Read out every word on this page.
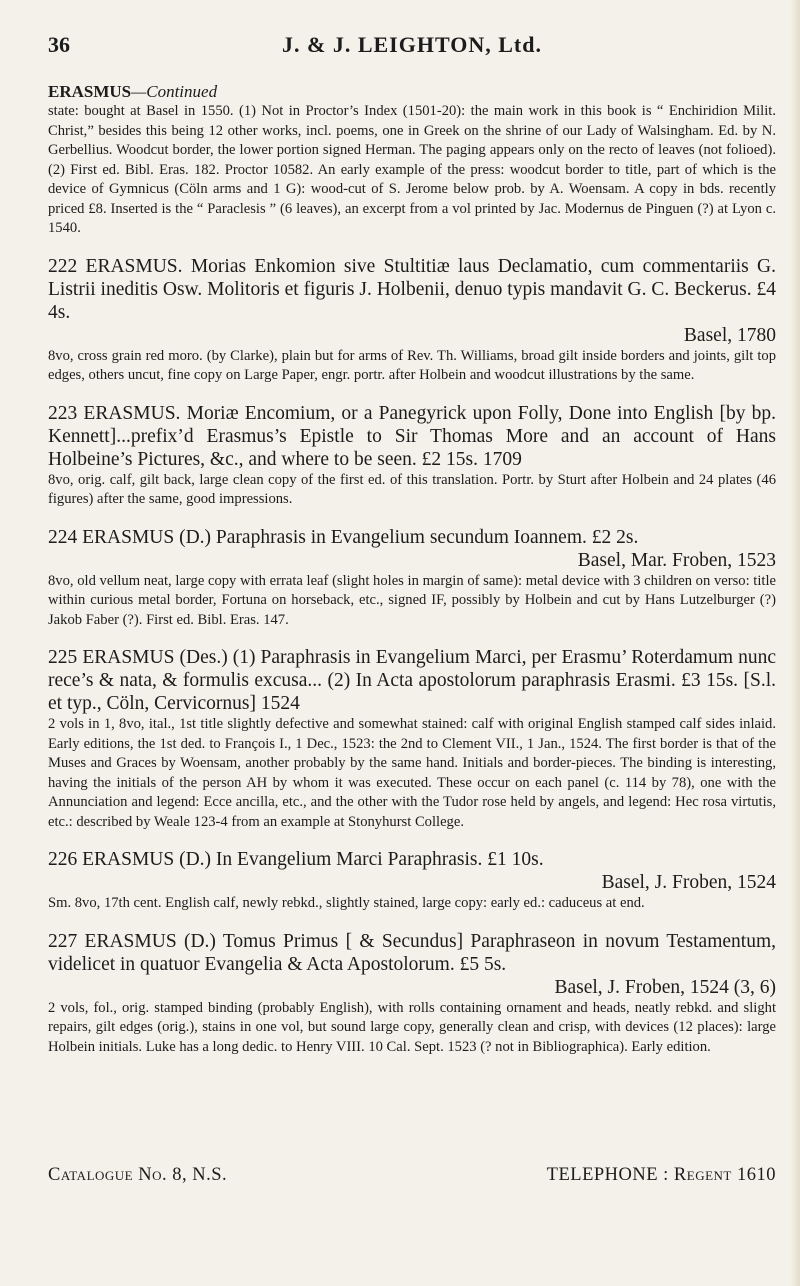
36	J. & J. LEIGHTON, Ltd.
ERASMUS—Continued

state: bought at Basel in 1550. (1) Not in Proctor’s Index (1501-20): the main work in this book is “ Enchiridion Milit. Christ,” besides this being 12 other works, incl. poems, one in Greek on the shrine of our Lady of Walsingham. Ed. by N. Gerbellius. Woodcut border, the lower portion signed Herman. The paging appears only on the recto of leaves (not folioed). (2) First ed. Bibl. Eras. 182. Proctor 10582. An early example of the press: woodcut border to title, part of which is the device of Gymnicus (Cöln arms and 1 G): wood-cut of S. Jerome below prob. by A. Woensam. A copy in bds. recently priced £8. Inserted is the “ Paraclesis ” (6 leaves), an excerpt from a vol printed by Jac. Modernus de Pinguen (?) at Lyon c. 1540.

222 ERASMUS. Morias Enkomion sive Stultitiæ laus Declamatio, cum commentariis G. Listrii ineditis Osw. Molitoris et figuris J. Holbenii, denuo typis mandavit G. C. Beckerus. £4 4s.
Basel, 1780

8vo, cross grain red moro. (by Clarke), plain but for arms of Rev. Th. Williams, broad gilt inside borders and joints, gilt top edges, others uncut, fine copy on Large Paper, engr. portr. after Holbein and woodcut illustrations by the same.

223 ERASMUS. Moriæ Encomium, or a Panegyrick upon Folly, Done into English [by bp. Kennett]...prefix’d Erasmus’s Epistle to Sir Thomas More and an account of Hans Holbeine’s Pictures, &c., and where to be seen. £2 15s. 1709

8vo, orig. calf, gilt back, large clean copy of the first ed. of this translation. Portr. by Sturt after Holbein and 24 plates (46 figures) after the same, good impressions.

224 ERASMUS (D.) Paraphrasis in Evangelium secundum Ioannem. £2 2s.
Basel, Mar. Froben, 1523

8vo, old vellum neat, large copy with errata leaf (slight holes in margin of same): metal device with 3 children on verso: title within curious metal border, Fortuna on horseback, etc., signed IF, possibly by Holbein and cut by Hans Lutzelburger (?) Jakob Faber (?). First ed. Bibl. Eras. 147.

225 ERASMUS (Des.) (1) Paraphrasis in Evangelium Marci, per Erasmu’ Roterdamum nunc rece’s & nata, & formulis excusa... (2) In Acta apostolorum paraphrasis Erasmi. £3 15s. [S.l. et typ., Cöln, Cervicornus] 1524

2 vols in 1, 8vo, ital., 1st title slightly defective and somewhat stained: calf with original English stamped calf sides inlaid. Early editions, the 1st ded. to François I., 1 Dec., 1523: the 2nd to Clement VII., 1 Jan., 1524. The first border is that of the Muses and Graces by Woensam, another probably by the same hand. Initials and border-pieces. The binding is interesting, having the initials of the person AH by whom it was executed. These occur on each panel (c. 114 by 78), one with the Annunciation and legend: Ecce ancilla, etc., and the other with the Tudor rose held by angels, and legend: Hec rosa virtutis, etc.: described by Weale 123-4 from an example at Stonyhurst College.

226 ERASMUS (D.) In Evangelium Marci Paraphrasis. £1 10s.
Basel, J. Froben, 1524

Sm. 8vo, 17th cent. English calf, newly rebkd., slightly stained, large copy: early ed.: caduceus at end.

227 ERASMUS (D.) Tomus Primus [ & Secundus] Paraphraseon in novum Testamentum, videlicet in quatuor Evangelia & Acta Apostolorum. £5 5s.
Basel, J. Froben, 1524 (3, 6)

2 vols, fol., orig. stamped binding (probably English), with rolls containing ornament and heads, neatly rebkd. and slight repairs, gilt edges (orig.), stains in one vol, but sound large copy, generally clean and crisp, with devices (12 places): large Holbein initials. Luke has a long dedic. to Henry VIII. 10 Cal. Sept. 1523 (? not in Bibliographica). Early edition.

Catalogue No. 8, N.S.	TELEPHONE : Regent 1610
